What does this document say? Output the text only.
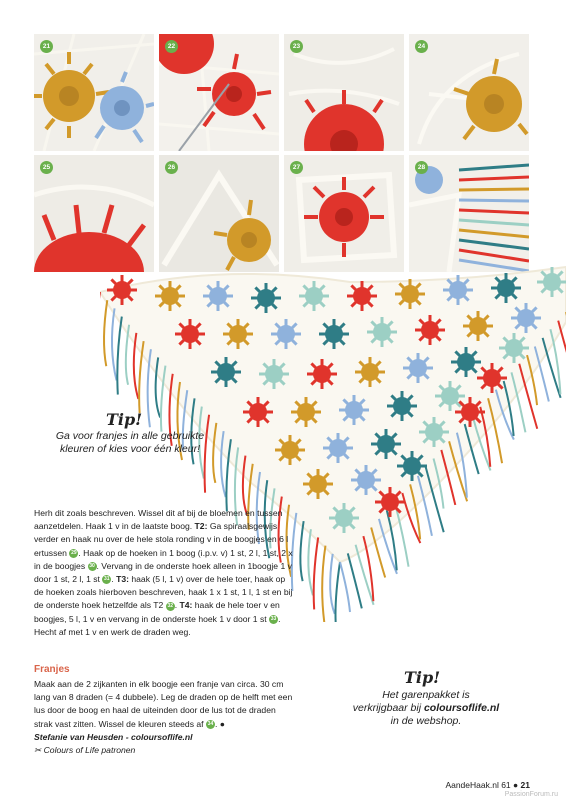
21	22	23	24
25	26	27	28
Tip!
Ga voor franjes in alle gebruikte
kleuren of kies voor één kleur!
Herh dit zoals beschreven. Wissel dit af bij de bloemen en tussen aanzetdelen. Haak 1 v in de laatste boog. T2: Ga spiraalsgewijs verder en haak nu over de hele stola ronding v in de boogjes en 6 l ertussen 29 . Haak op de hoeken in 1 boog (i.p.v. v) 1 st, 2 l, 1 st, 2 x in de boogjes 30 . Vervang in de onderste hoek alleen in 1boogje 1 v door 1 st, 2 l, 1 st 31 . T3: haak (5 l, 1 v) over de hele toer, haak op de hoeken zoals hierboven beschreven, haak 1 x 1 st, 1 l, 1 st en bij de onderste hoek hetzelfde als T2 32 . T4: haak de hele toer v en boogjes, 5 l, 1 v en vervang in de onderste hoek 1 v door 1 st 33 . Hecht af met 1 v en werk de draden weg.
Franjes
Maak aan de 2 zijkanten in elk boogje een franje van circa. 30 cm lang van 8 draden (= 4 dubbele). Leg de draden op de helft met een lus door de boog en haal de uiteinden door de lus tot de draden strak vast zitten. Wissel de kleuren steeds af 34 . ●
Stefanie van Heusden - coloursoflife.nl
✂ Colours of Life patronen
Tip!
Het garenpakket is
verkrijgbaar bij coloursoflife.nl
in de webshop.
AandeHaak.nl 61 ● 21
PassionForum.ru
